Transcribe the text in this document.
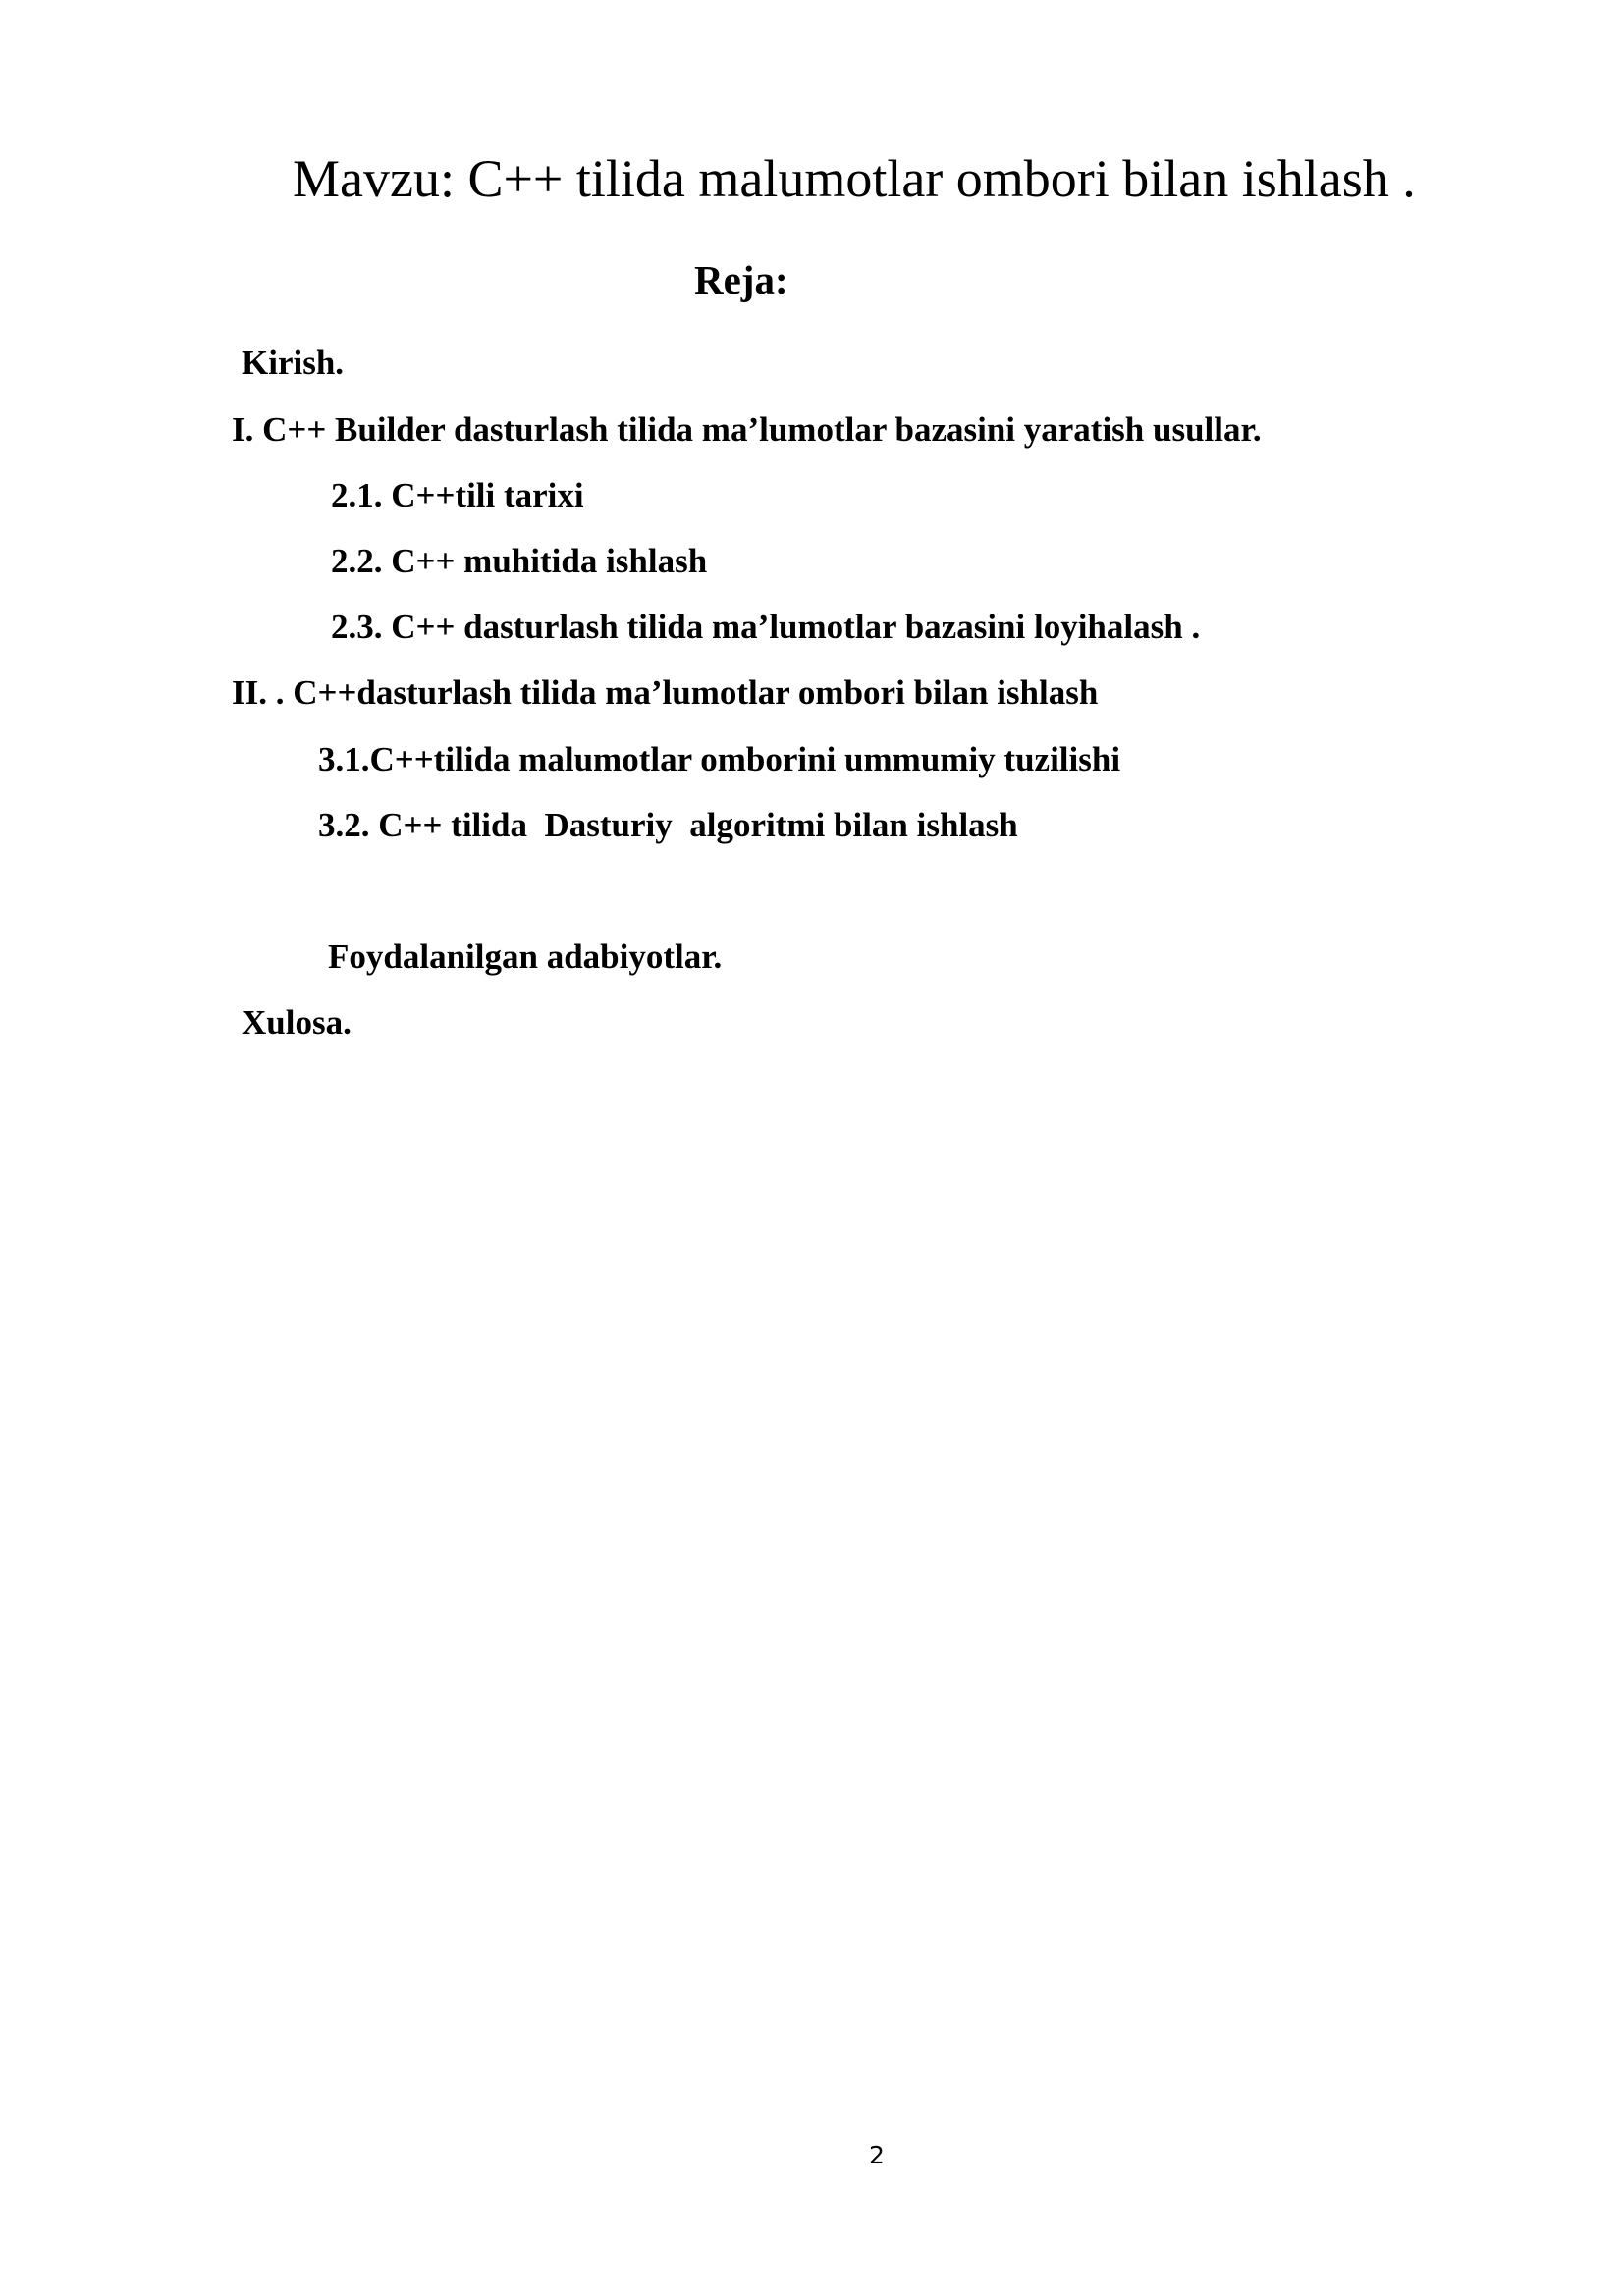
Mavzu: C++ tilida malumotlar ombori bilan ishlash .
Reja:
Kirish.
I. C++ Builder dasturlash tilida ma’lumotlar bazasini yaratish usullar.
2.1. C++tili tarixi
2.2. C++ muhitida ishlash
2.3. C++ dasturlash tilida ma’lumotlar bazasini loyihalash .
II. . C++dasturlash tilida ma’lumotlar ombori bilan ishlash
3.1.C++tilida malumotlar omborini ummumiy tuzilishi
3.2. C++ tilida  Dasturiy  algoritmi bilan ishlash
Foydalanilgan adabiyotlar.
Xulosa.
2
